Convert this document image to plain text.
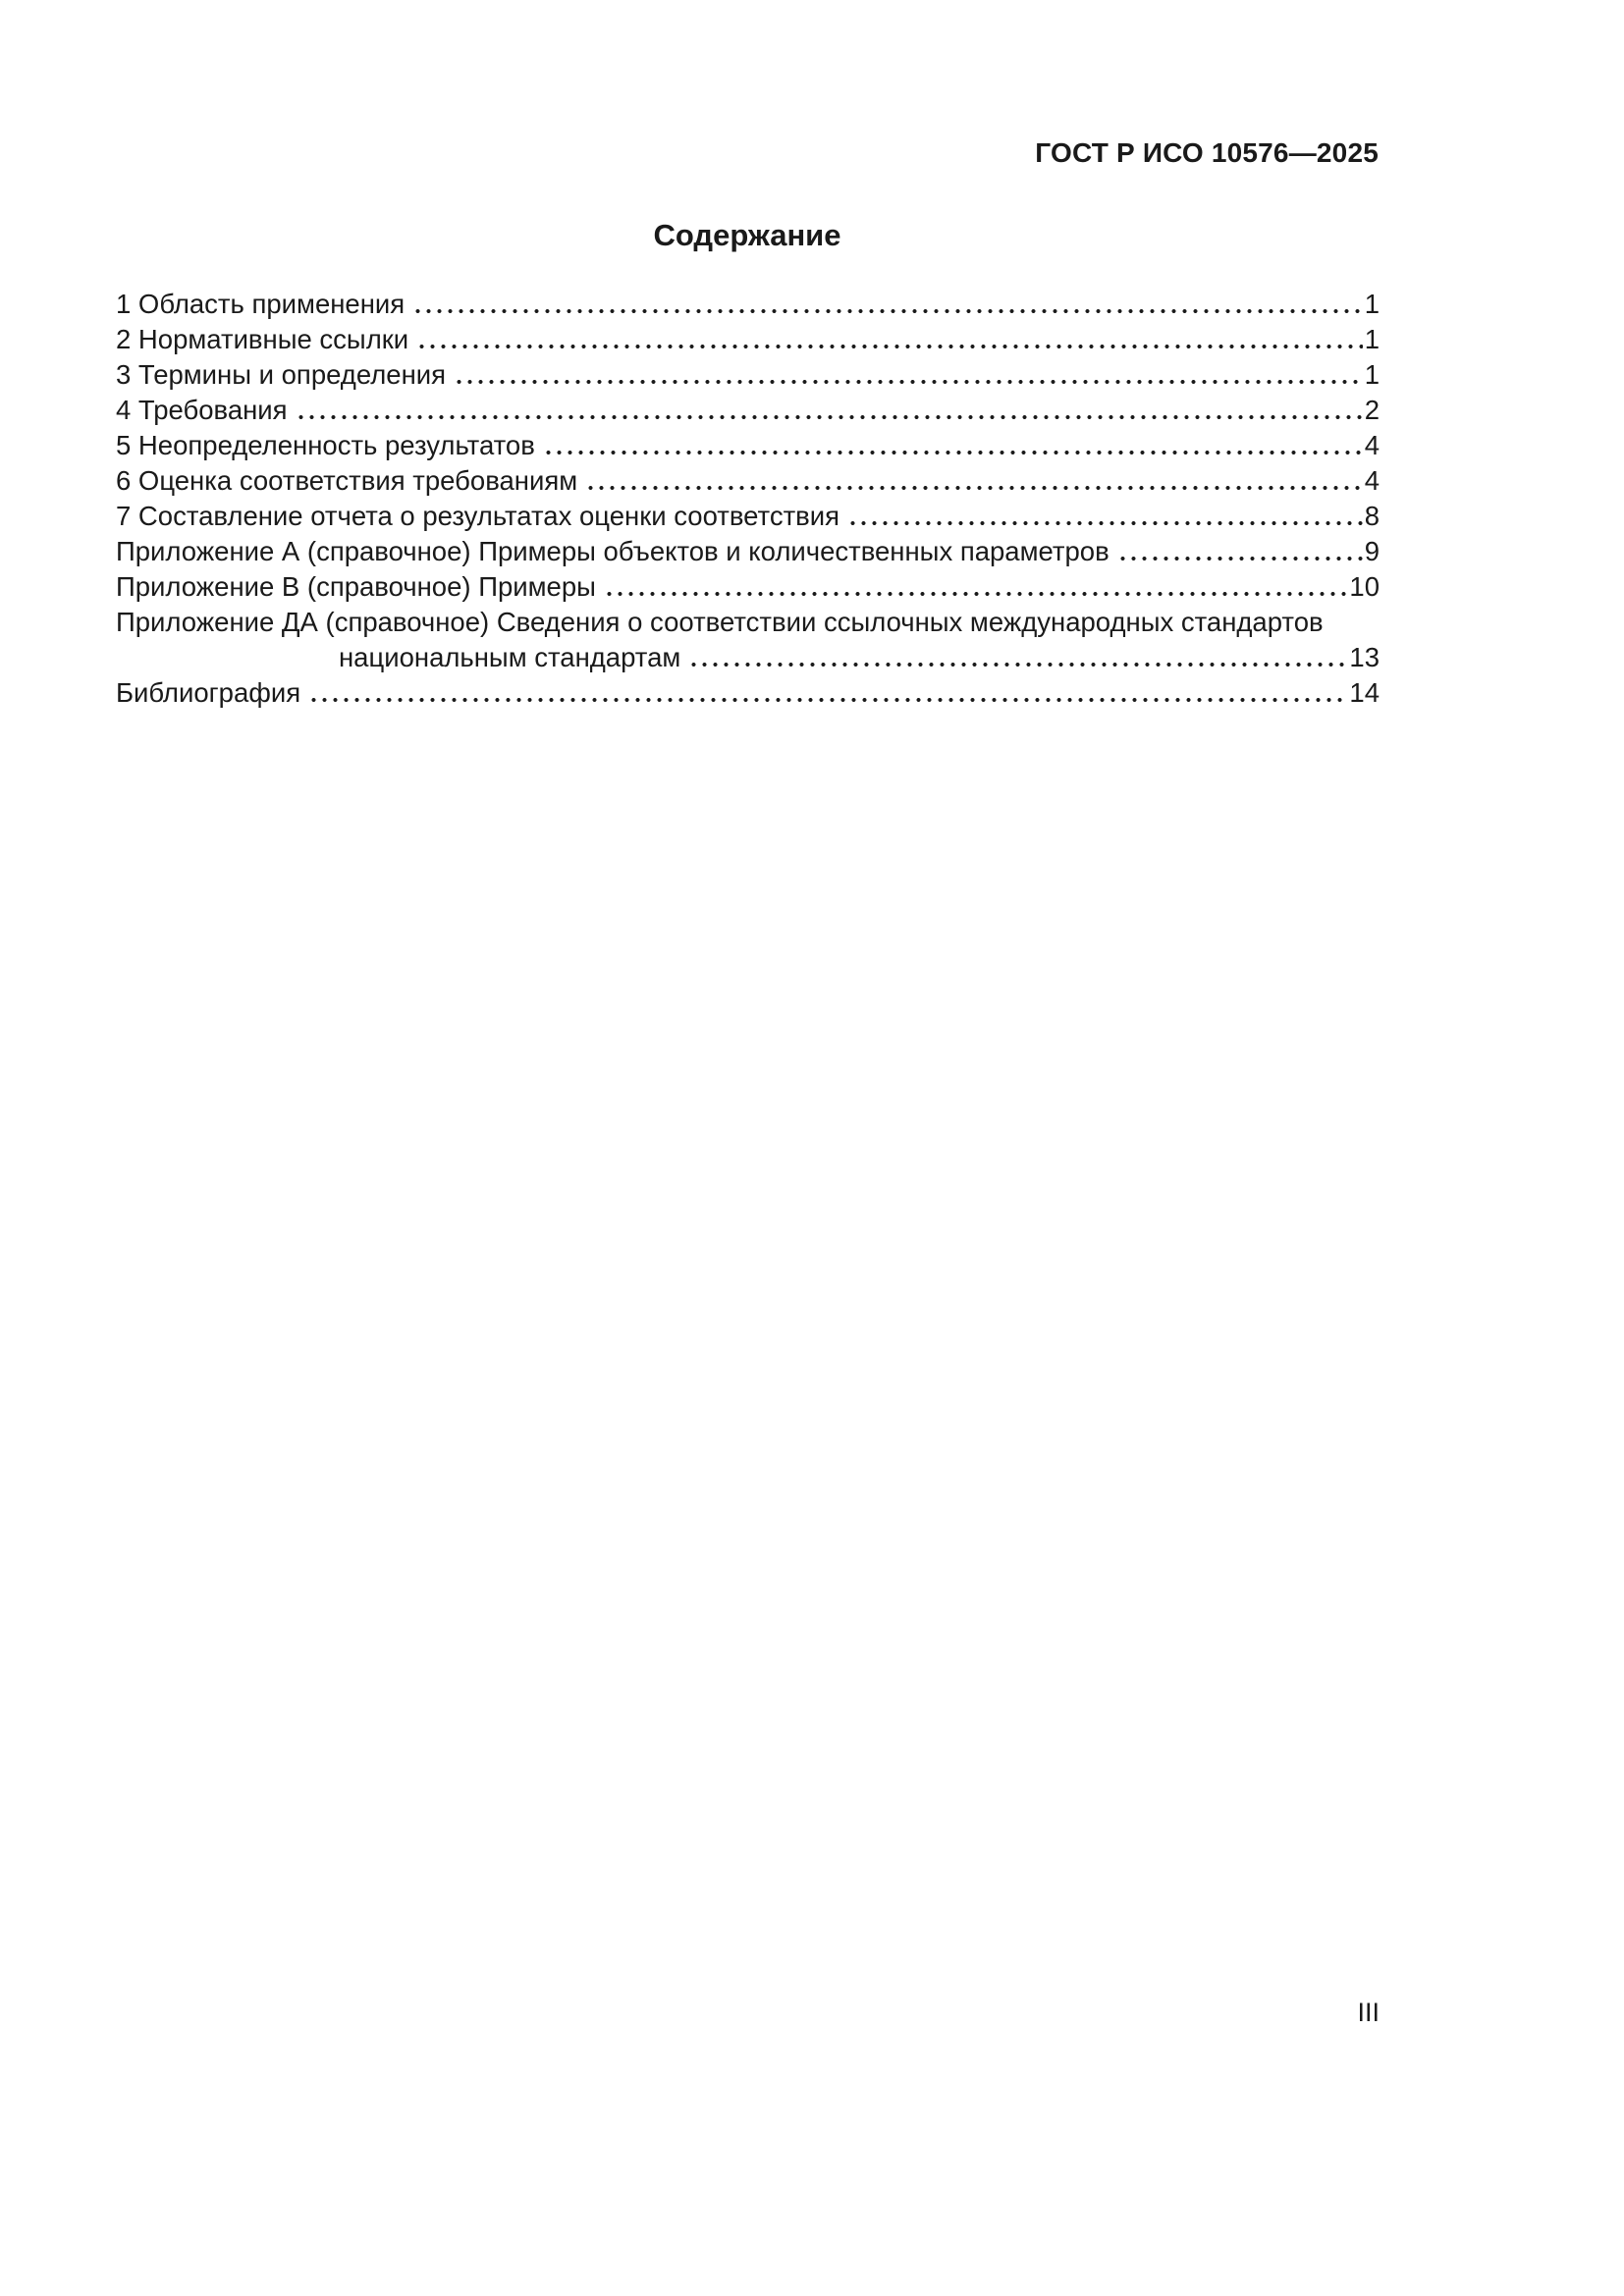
ГОСТ Р ИСО 10576—2025
Содержание
1 Область применения	1
2 Нормативные ссылки	1
3 Термины и определения	1
4 Требования	2
5 Неопределенность результатов	4
6 Оценка соответствия требованиям	4
7 Составление отчета о результатах оценки соответствия	8
Приложение А (справочное) Примеры объектов и количественных параметров	9
Приложение В (справочное) Примеры	10
Приложение ДА (справочное) Сведения о соответствии ссылочных международных стандартов
национальным стандартам	13
Библиография	14
III
